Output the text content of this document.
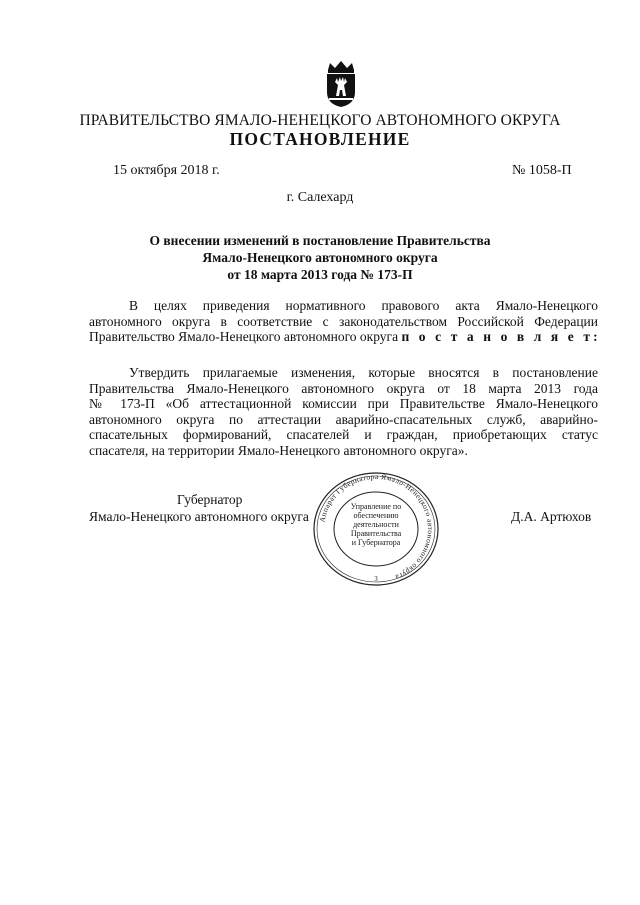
ПРАВИТЕЛЬСТВО ЯМАЛО-НЕНЕЦКОГО АВТОНОМНОГО ОКРУГА
ПОСТАНОВЛЕНИЕ
15 октября 2018 г.	№ 1058-П
г. Салехард
О внесении изменений в постановление Правительства
Ямало-Ненецкого автономного округа
от 18 марта 2013 года № 173-П
В целях приведения нормативного правового акта Ямало-Ненецкого
автономного округа в соответствие с законодательством Российской Федерации
Правительство Ямало-Ненецкого автономного округа п о с т а н о в л я е т:
Утвердить прилагаемые изменения, которые вносятся в постановление
Правительства Ямало-Ненецкого автономного округа от 18 марта 2013 года
№ 173-П «Об аттестационной комиссии при Правительстве Ямало-Ненецкого
автономного округа по аттестации аварийно-спасательных служб, аварийно-
спасательных формирований, спасателей и граждан, приобретающих статус
спасателя, на территории Ямало-Ненецкого автономного округа».
Губернатор
Ямало-Ненецкого автономного округа	Д.А. Артюхов
Аппарат Губернатора Ямало-Ненецкого автономного округа
3
Управление по
обеспечению
деятельности
Правительства
и Губернатора
